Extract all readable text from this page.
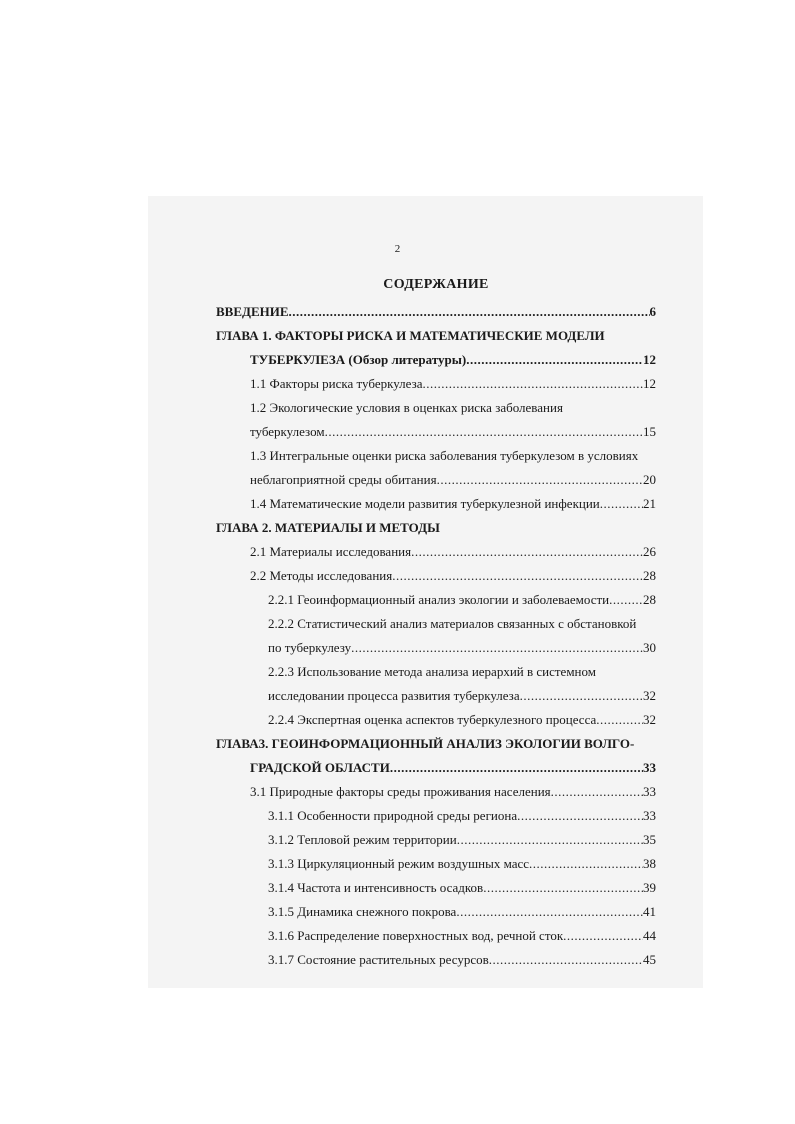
2
СОДЕРЖАНИЕ
ВВЕДЕНИЕ .....	6
ГЛАВА 1. ФАКТОРЫ РИСКА И МАТЕМАТИЧЕСКИЕ МОДЕЛИ
ТУБЕРКУЛЕЗА (Обзор литературы) .....	12
1.1 Факторы риска туберкулеза .....	12
1.2 Экологические условия в оценках риска заболевания
туберкулезом .....	15
1.3 Интегральные оценки риска заболевания туберкулезом в условиях
неблагоприятной среды обитания .....	20
1.4 Математические модели развития туберкулезной инфекции .....	21
ГЛАВА 2. МАТЕРИАЛЫ И МЕТОДЫ
2.1 Материалы исследования .....	26
2.2 Методы исследования .....	28
2.2.1 Геоинформационный анализ экологии и заболеваемости .....	28
2.2.2 Статистический анализ материалов связанных с обстановкой
по туберкулезу .....	30
2.2.3 Использование метода анализа иерархий в системном
исследовании процесса развития туберкулеза .....	32
2.2.4 Экспертная оценка аспектов туберкулезного процесса .....	32
ГЛАВА3. ГЕОИНФОРМАЦИОННЫЙ АНАЛИЗ ЭКОЛОГИИ ВОЛГО-
ГРАДСКОЙ ОБЛАСТИ .....	33
3.1 Природные факторы среды проживания населения .....	33
3.1.1 Особенности природной среды региона .....	33
3.1.2 Тепловой режим территории .....	35
3.1.3 Циркуляционный режим воздушных масс .....	38
3.1.4 Частота и интенсивность осадков .....	39
3.1.5 Динамика снежного покрова .....	41
3.1.6 Распределение поверхностных вод, речной сток .....	44
3.1.7 Состояние растительных ресурсов .....	45
